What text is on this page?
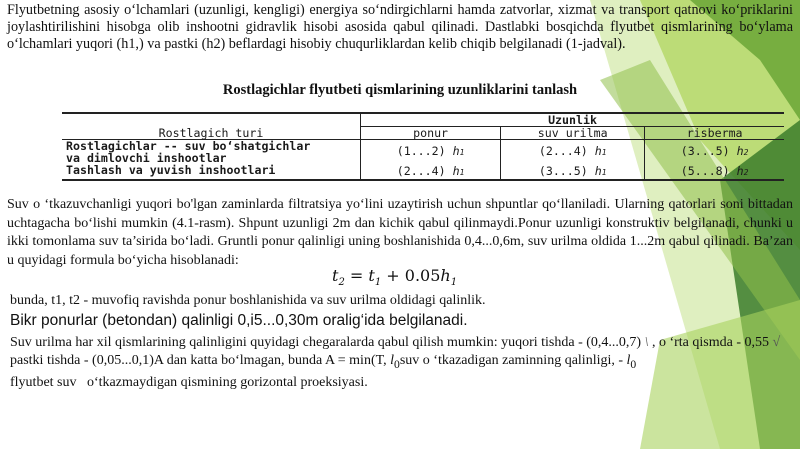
Flyutbetning asosiy o‘lchamlari (uzunligi, kengligi) energiya so‘ndirgichlarni hamda zatvorlar, xizmat va transport qatnovi ko‘priklarini joylashtirilishini hisobga olib inshootni gidravlik hisobi asosida qabul qilinadi. Dastlabki bosqichda flyutbet qismlarining bo‘ylama o‘lchamlari yuqori (h1,) va pastki (h2) beflardagi hisobiy chuqurliklardan kelib chiqib belgilanadi (1-jadval).

Rostlagichlar flyutbeti qismlarining uzunliklarini tanlash

Rostlagich turi	Uzunlik		
	ponur	suv urilma	risberma

Rostlagichlar -- suv bo‘shatgichlar
va dimlovchi inshootlar	(1...2) h1	(2...4) h1	(3...5) h2

Tashlash va yuvish inshootlari	(2...4) h1	(3...5) h1	(5...8) h2

Suv o ‘tkazuvchanligi yuqori bo'lgan zaminlarda filtratsiya yo‘lini uzaytirish uchun shpuntlar qo‘llaniladi. Ularning qatorlari soni bittadan uchtagacha bo‘lishi mumkin (4.1-rasm). Shpunt uzunligi 2m dan kichik qabul qilinmaydi.Ponur uzunligi konstruktiv belgilanadi, chunki u ikki tomonlama suv ta’sirida bo‘ladi. Gruntli ponur qalinligi uning boshlanishida 0,4...0,6m, suv urilma oldida 1...2m qabul qilinadi. Ba’zan u quyidagi formula bo‘yicha hisoblanadi:

$t_2 = t_1 + 0.05h_1$

bunda, t1, t2 - muvofiq ravishda ponur boshlanishida va suv urilma oldidagi qalinlik.

Bikr ponurlar (betondan) qalinligi 0,i5...0,30m oralig‘ida belgilanadi.

Suv urilma har xil qismlarining qalinligini quyidagi chegaralarda qabul qilish mumkin: yuqori tishda - (0,4...0,7) \ , o ‘rta qismda - 0,55 √ pastki tishda - (0,05...0,1)A dan katta bo‘lmagan, bunda A = min(T, $l_0suv$ o ‘tkazadigan zaminning qalinligi, - $l_0$
flyutbet suv o‘tkazmaydigan qismining gorizontal proeksiyasi.
